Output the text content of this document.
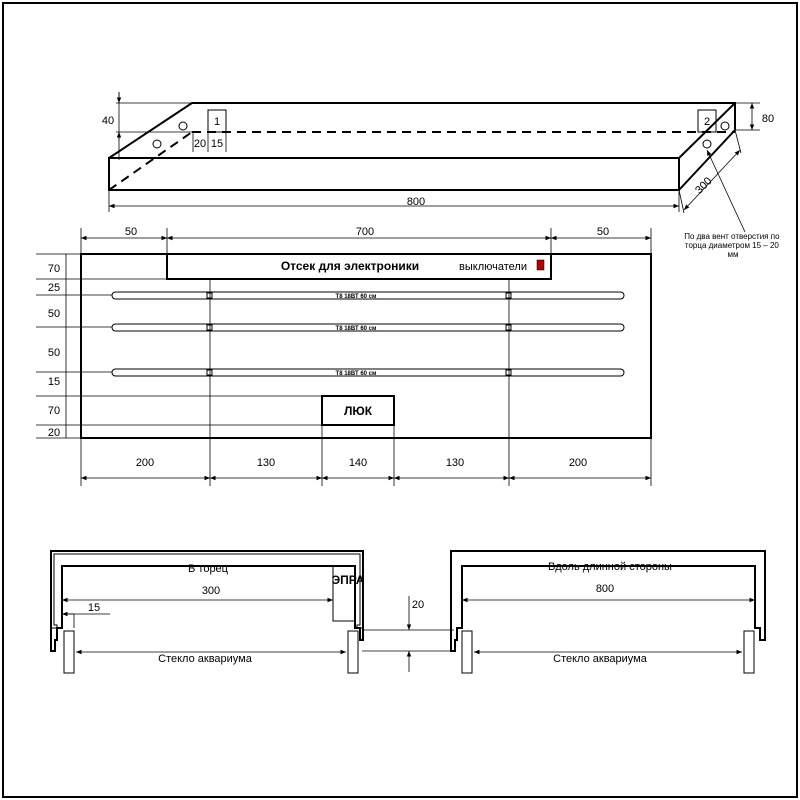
1	2
40
20 15
80
800
300
По два вент отверстия по торца диаметром 15 – 20 мм
Отсек для электроники	выключатели
Т8 18ВТ 60 см
Т8 18ВТ 60 см
Т8 18ВТ 60 см
ЛЮК
50	700	50
70
25
50
50
15
70
20
200	130	140	130	200
ЭПРА
В торец
300
15
Стекло аквариума
20
Вдоль длинной стороны
800
Стекло аквариума
